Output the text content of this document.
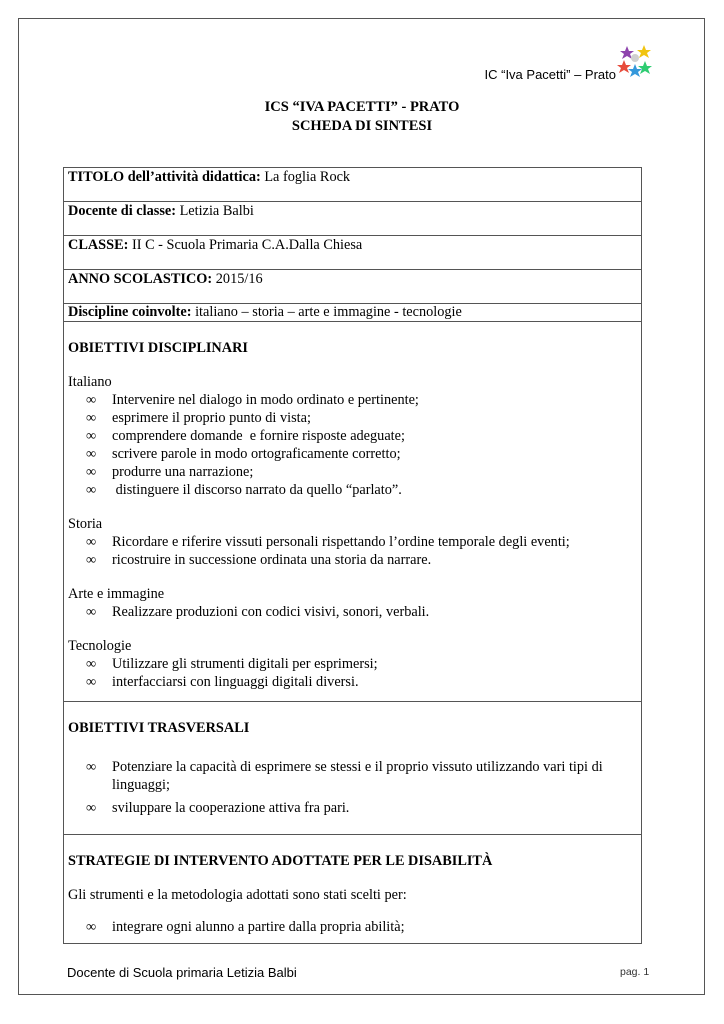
IC “Iva Pacetti” – Prato
ICS “IVA PACETTI” - PRATO
SCHEDA DI SINTESI
TITOLO dell’attività didattica: La foglia Rock
Docente di classe: Letizia Balbi
CLASSE: II C - Scuola Primaria C.A.Dalla Chiesa
ANNO SCOLASTICO: 2015/16
Discipline coinvolte: italiano – storia – arte e immagine - tecnologie

OBIETTIVI DISCIPLINARI

Italiano

∞ Intervenire nel dialogo in modo ordinato e pertinente;
∞ esprimere il proprio punto di vista;
∞ comprendere domande  e fornire risposte adeguate;
∞ scrivere parole in modo ortograficamente corretto;
∞ produrre una narrazione;
∞ distinguere il discorso narrato da quello “parlato”.

Storia

∞ Ricordare e riferire vissuti personali rispettando l’ordine temporale degli eventi;
∞ ricostruire in successione ordinata una storia da narrare.

Arte e immagine

∞ Realizzare produzioni con codici visivi, sonori, verbali.

Tecnologie

∞ Utilizzare gli strumenti digitali per esprimersi;
∞ interfacciarsi con linguaggi digitali diversi.

OBIETTIVI TRASVERSALI

∞ Potenziare la capacità di esprimere se stessi e il proprio vissuto utilizzando vari tipi di linguaggi;
∞ sviluppare la cooperazione attiva fra pari.

STRATEGIE DI INTERVENTO ADOTTATE PER LE DISABILITÀ

Gli strumenti e la metodologia adottati sono stati scelti per:

∞ integrare ogni alunno a partire dalla propria abilità;
Docente di Scuola primaria Letizia Balbi	pag. 1
